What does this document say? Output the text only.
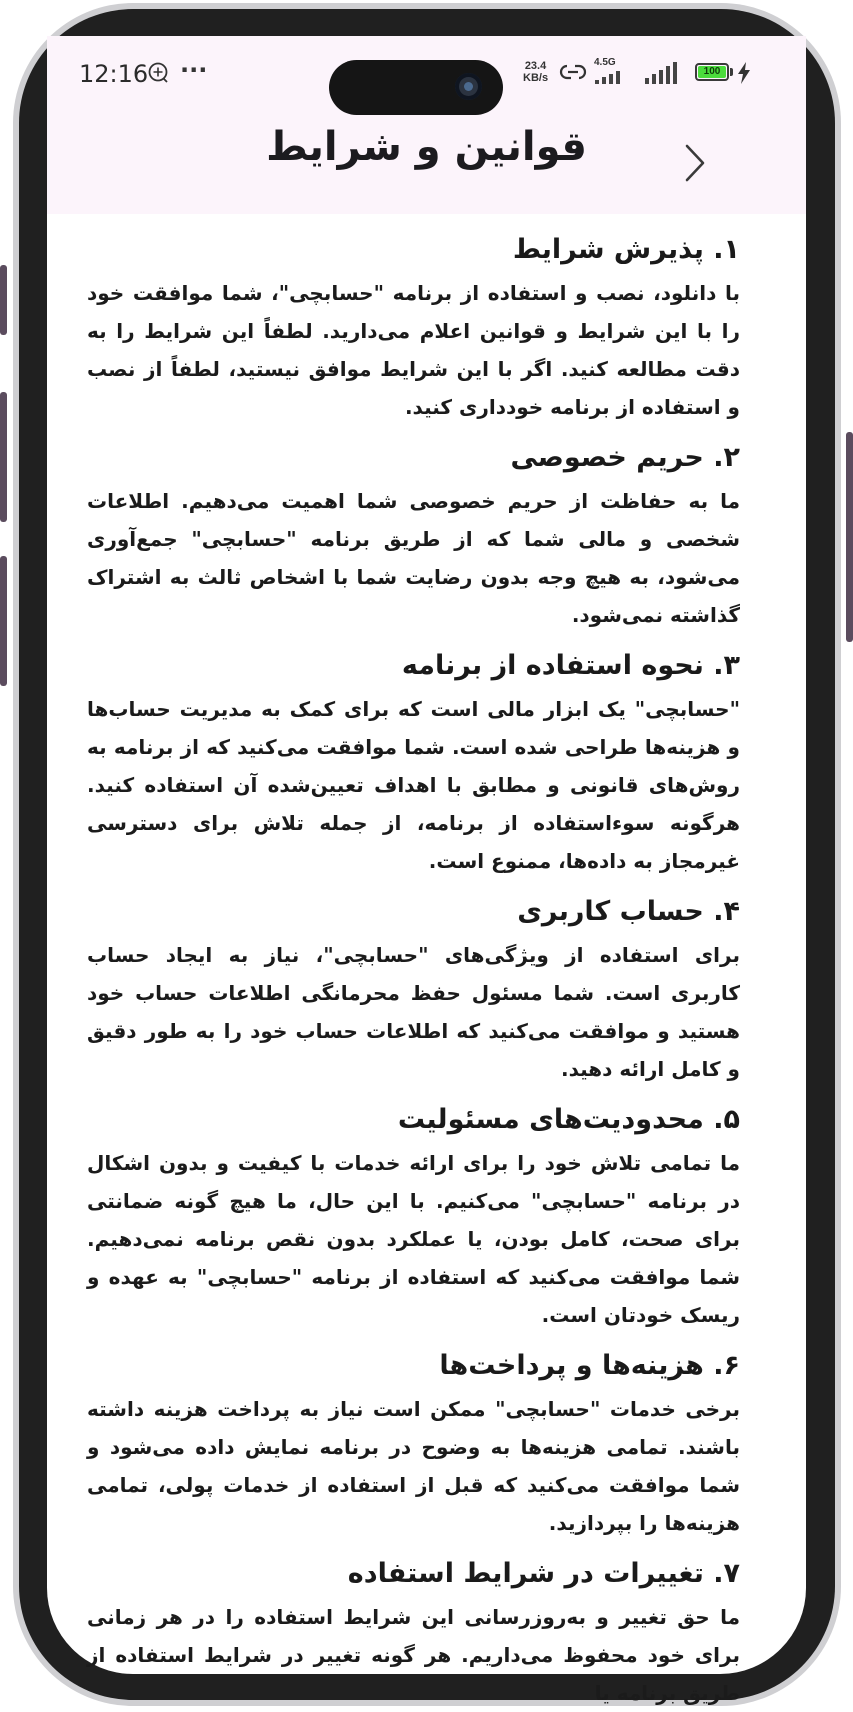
12:16 ···	23.4
KB/s
4.5G
100
قوانین و شرایط
۱. پذیرش شرایط

با دانلود، نصب و استفاده از برنامه "حسابچی"، شما موافقت خود را با این شرایط و قوانین اعلام می‌دارید. لطفاً این شرایط را به دقت مطالعه کنید. اگر با این شرایط موافق نیستید، لطفاً از نصب و استفاده از برنامه خودداری کنید.

۲. حریم خصوصی

ما به حفاظت از حریم خصوصی شما اهمیت می‌دهیم. اطلاعات شخصی و مالی شما که از طریق برنامه "حسابچی" جمع‌آوری می‌شود، به هیچ وجه بدون رضایت شما با اشخاص ثالث به اشتراک گذاشته نمی‌شود.

۳. نحوه استفاده از برنامه

"حسابچی" یک ابزار مالی است که برای کمک به مدیریت حساب‌ها و هزینه‌ها طراحی شده است. شما موافقت می‌کنید که از برنامه به روش‌های قانونی و مطابق با اهداف تعیین‌شده آن استفاده کنید. هرگونه سوءاستفاده از برنامه، از جمله تلاش برای دسترسی غیرمجاز به داده‌ها، ممنوع است.

۴. حساب کاربری

برای استفاده از ویژگی‌های "حسابچی"، نیاز به ایجاد حساب کاربری است. شما مسئول حفظ محرمانگی اطلاعات حساب خود هستید و موافقت می‌کنید که اطلاعات حساب خود را به طور دقیق و کامل ارائه دهید.

۵. محدودیت‌های مسئولیت

ما تمامی تلاش خود را برای ارائه خدمات با کیفیت و بدون اشکال در برنامه "حسابچی" می‌کنیم. با این حال، ما هیچ گونه ضمانتی برای صحت، کامل بودن، یا عملکرد بدون نقص برنامه نمی‌دهیم. شما موافقت می‌کنید که استفاده از برنامه "حسابچی" به عهده و ریسک خودتان است.

۶. هزینه‌ها و پرداخت‌ها

برخی خدمات "حسابچی" ممکن است نیاز به پرداخت هزینه داشته باشند. تمامی هزینه‌ها به وضوح در برنامه نمایش داده می‌شود و شما موافقت می‌کنید که قبل از استفاده از خدمات پولی، تمامی هزینه‌ها را بپردازید.

۷. تغییرات در شرایط استفاده

ما حق تغییر و به‌روزرسانی این شرایط استفاده را در هر زمانی برای خود محفوظ می‌داریم. هر گونه تغییر در شرایط استفاده از طریق برنامه یا
